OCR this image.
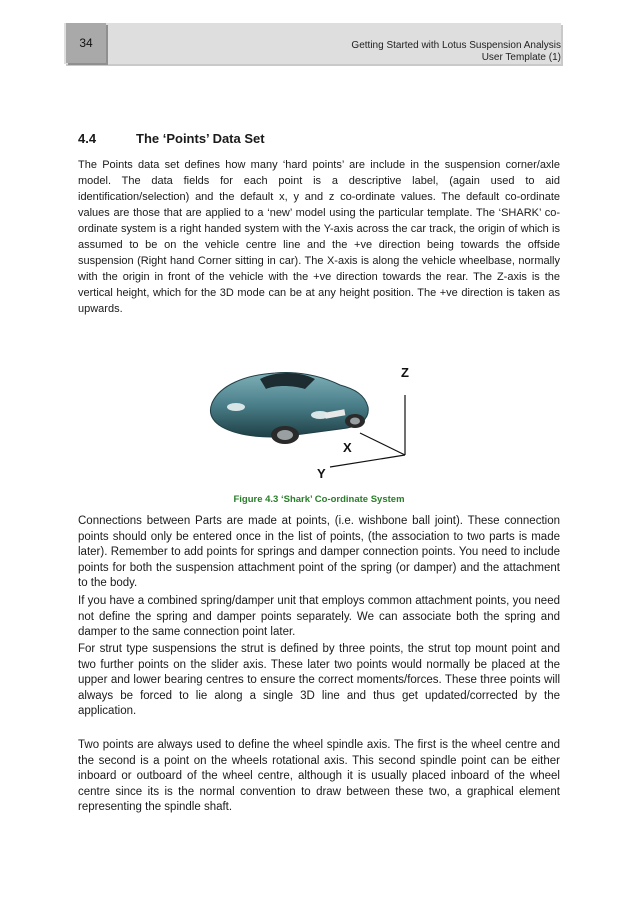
34	Getting Started with Lotus Suspension Analysis
User Template (1)
4.4	The ‘Points’ Data Set

The Points data set defines how many ‘hard points’ are include in the suspension corner/axle model. The data fields for each point is a descriptive label, (again used to aid identification/selection) and the default x, y and z co-ordinate values. The default co-ordinate values are those that are applied to a ‘new’ model using the particular template. The ‘SHARK’ co-ordinate system is a right handed system with the Y-axis across the car track, the origin of which is assumed to be on the vehicle centre line and the +ve direction being towards the offside suspension (Right hand Corner sitting in car). The X-axis is along the vehicle wheelbase, normally with the origin in front of the vehicle with the +ve direction towards the rear. The Z-axis is the vertical height, which for the 3D mode can be at any height position. The +ve direction is taken as upwards.

Z
X
Y
Figure 4.3 ‘Shark’ Co-ordinate System

Connections between Parts are made at points, (i.e. wishbone ball joint). These connection points should only be entered once in the list of points, (the association to two parts is made later). Remember to add points for springs and damper connection points. You need to include points for both the suspension attachment point of the spring (or damper) and the attachment to the body.

If you have a combined spring/damper unit that employs common attachment points, you need not define the spring and damper points separately. We can associate both the spring and damper to the same connection point later.

For strut type suspensions the strut is defined by three points, the strut top mount point and two further points on the slider axis. These later two points would normally be placed at the upper and lower bearing centres to ensure the correct moments/forces. These three points will always be forced to lie along a single 3D line and thus get updated/corrected by the application.

Two points are always used to define the wheel spindle axis. The first is the wheel centre and the second is a point on the wheels rotational axis. This second spindle point can be either inboard or outboard of the wheel centre, although it is usually placed inboard of the wheel centre since its is the normal convention to draw between these two, a graphical element representing the spindle shaft.
